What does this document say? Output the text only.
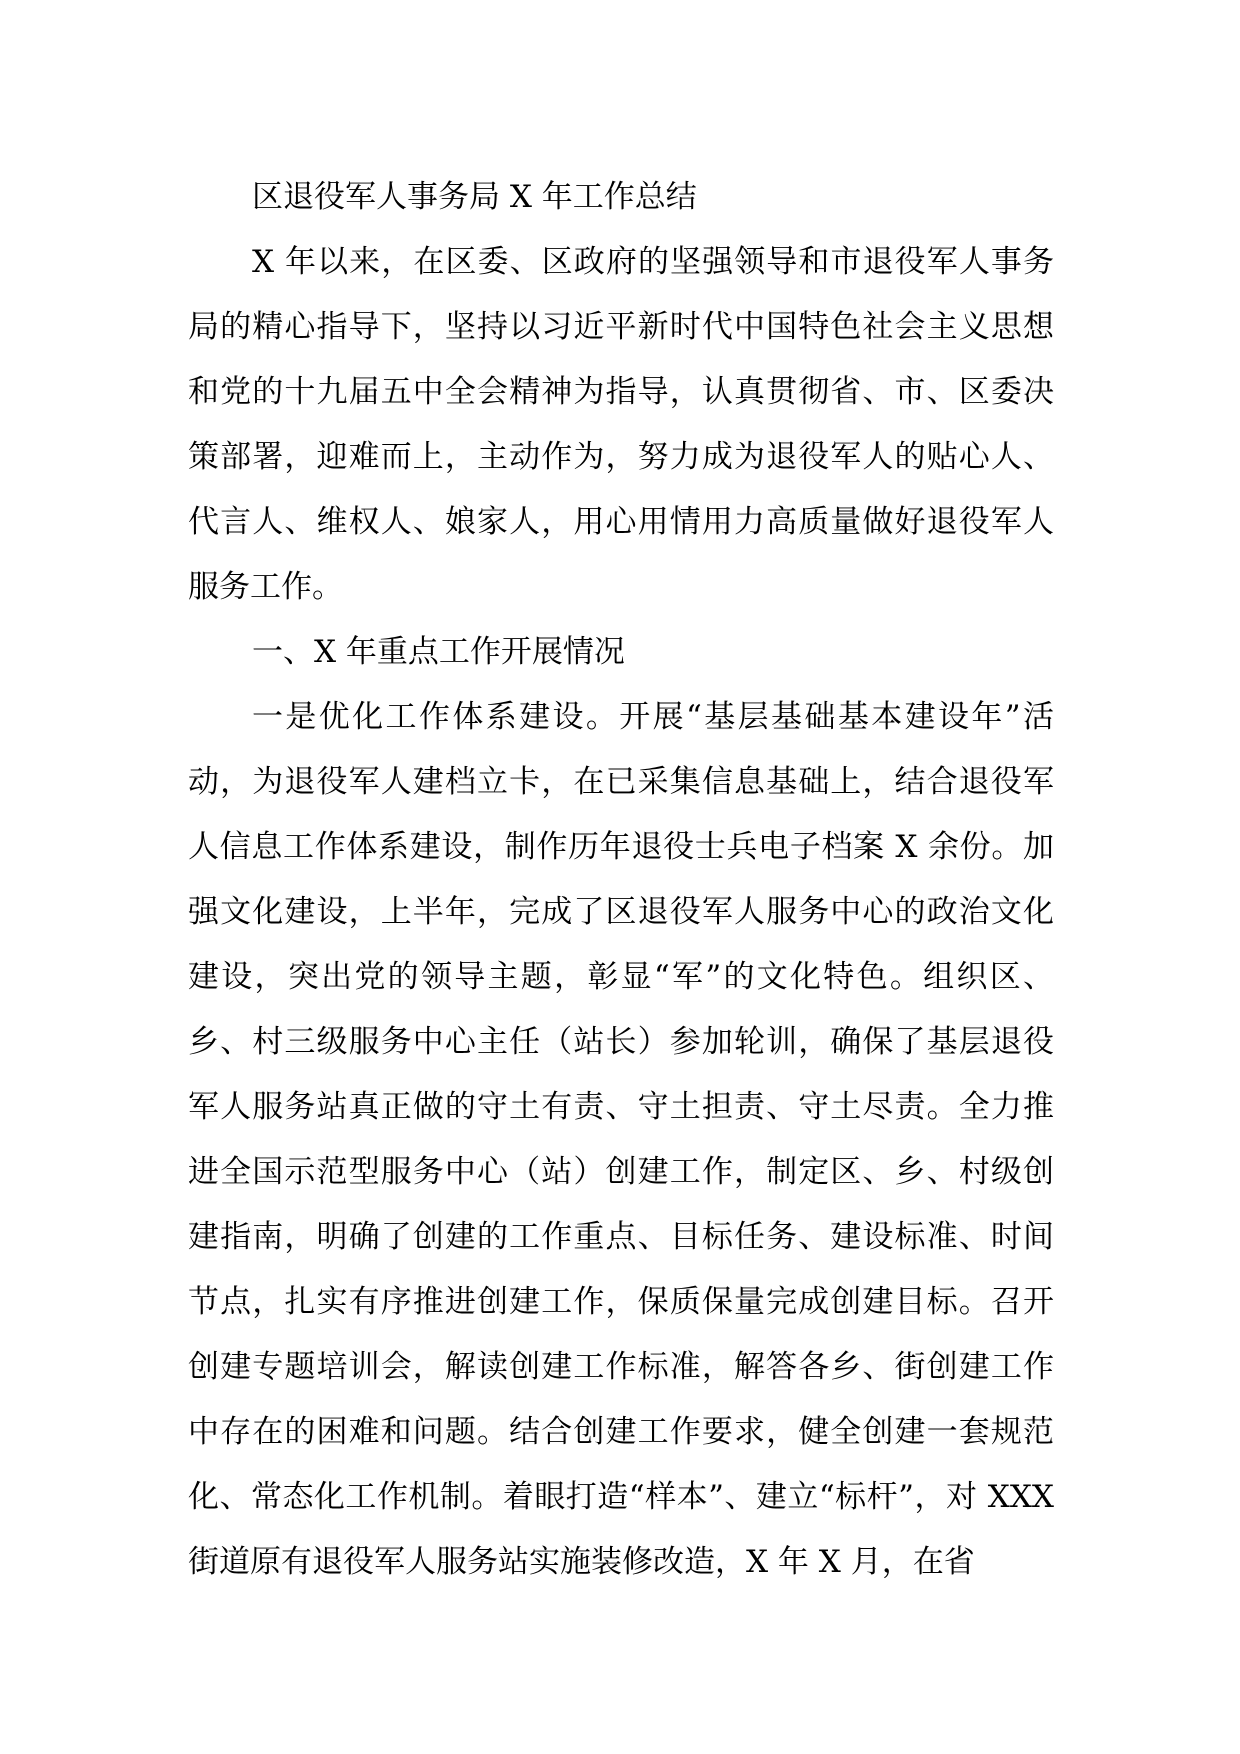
区退役军人事务局 X 年工作总结

X 年以来，在区委、区政府的坚强领导和市退役军人事务局的精心指导下，坚持以习近平新时代中国特色社会主义思想和党的十九届五中全会精神为指导，认真贯彻省、市、区委决策部署，迎难而上，主动作为，努力成为退役军人的贴心人、代言人、维权人、娘家人，用心用情用力高质量做好退役军人服务工作。

一、X 年重点工作开展情况

一是优化工作体系建设。开展“基层基础基本建设年”活动，为退役军人建档立卡，在已采集信息基础上，结合退役军人信息工作体系建设，制作历年退役士兵电子档案 X 余份。加强文化建设，上半年，完成了区退役军人服务中心的政治文化建设，突出党的领导主题，彰显“军”的文化特色。组织区、乡、村三级服务中心主任（站长）参加轮训，确保了基层退役军人服务站真正做的守土有责、守土担责、守土尽责。全力推进全国示范型服务中心（站）创建工作，制定区、乡、村级创建指南，明确了创建的工作重点、目标任务、建设标准、时间节点，扎实有序推进创建工作，保质保量完成创建目标。召开创建专题培训会，解读创建工作标准，解答各乡、街创建工作中存在的困难和问题。结合创建工作要求，健全创建一套规范化、常态化工作机制。着眼打造“样本”、建立“标杆”，对 XXX 街道原有退役军人服务站实施装修改造，X 年 X 月，在省
